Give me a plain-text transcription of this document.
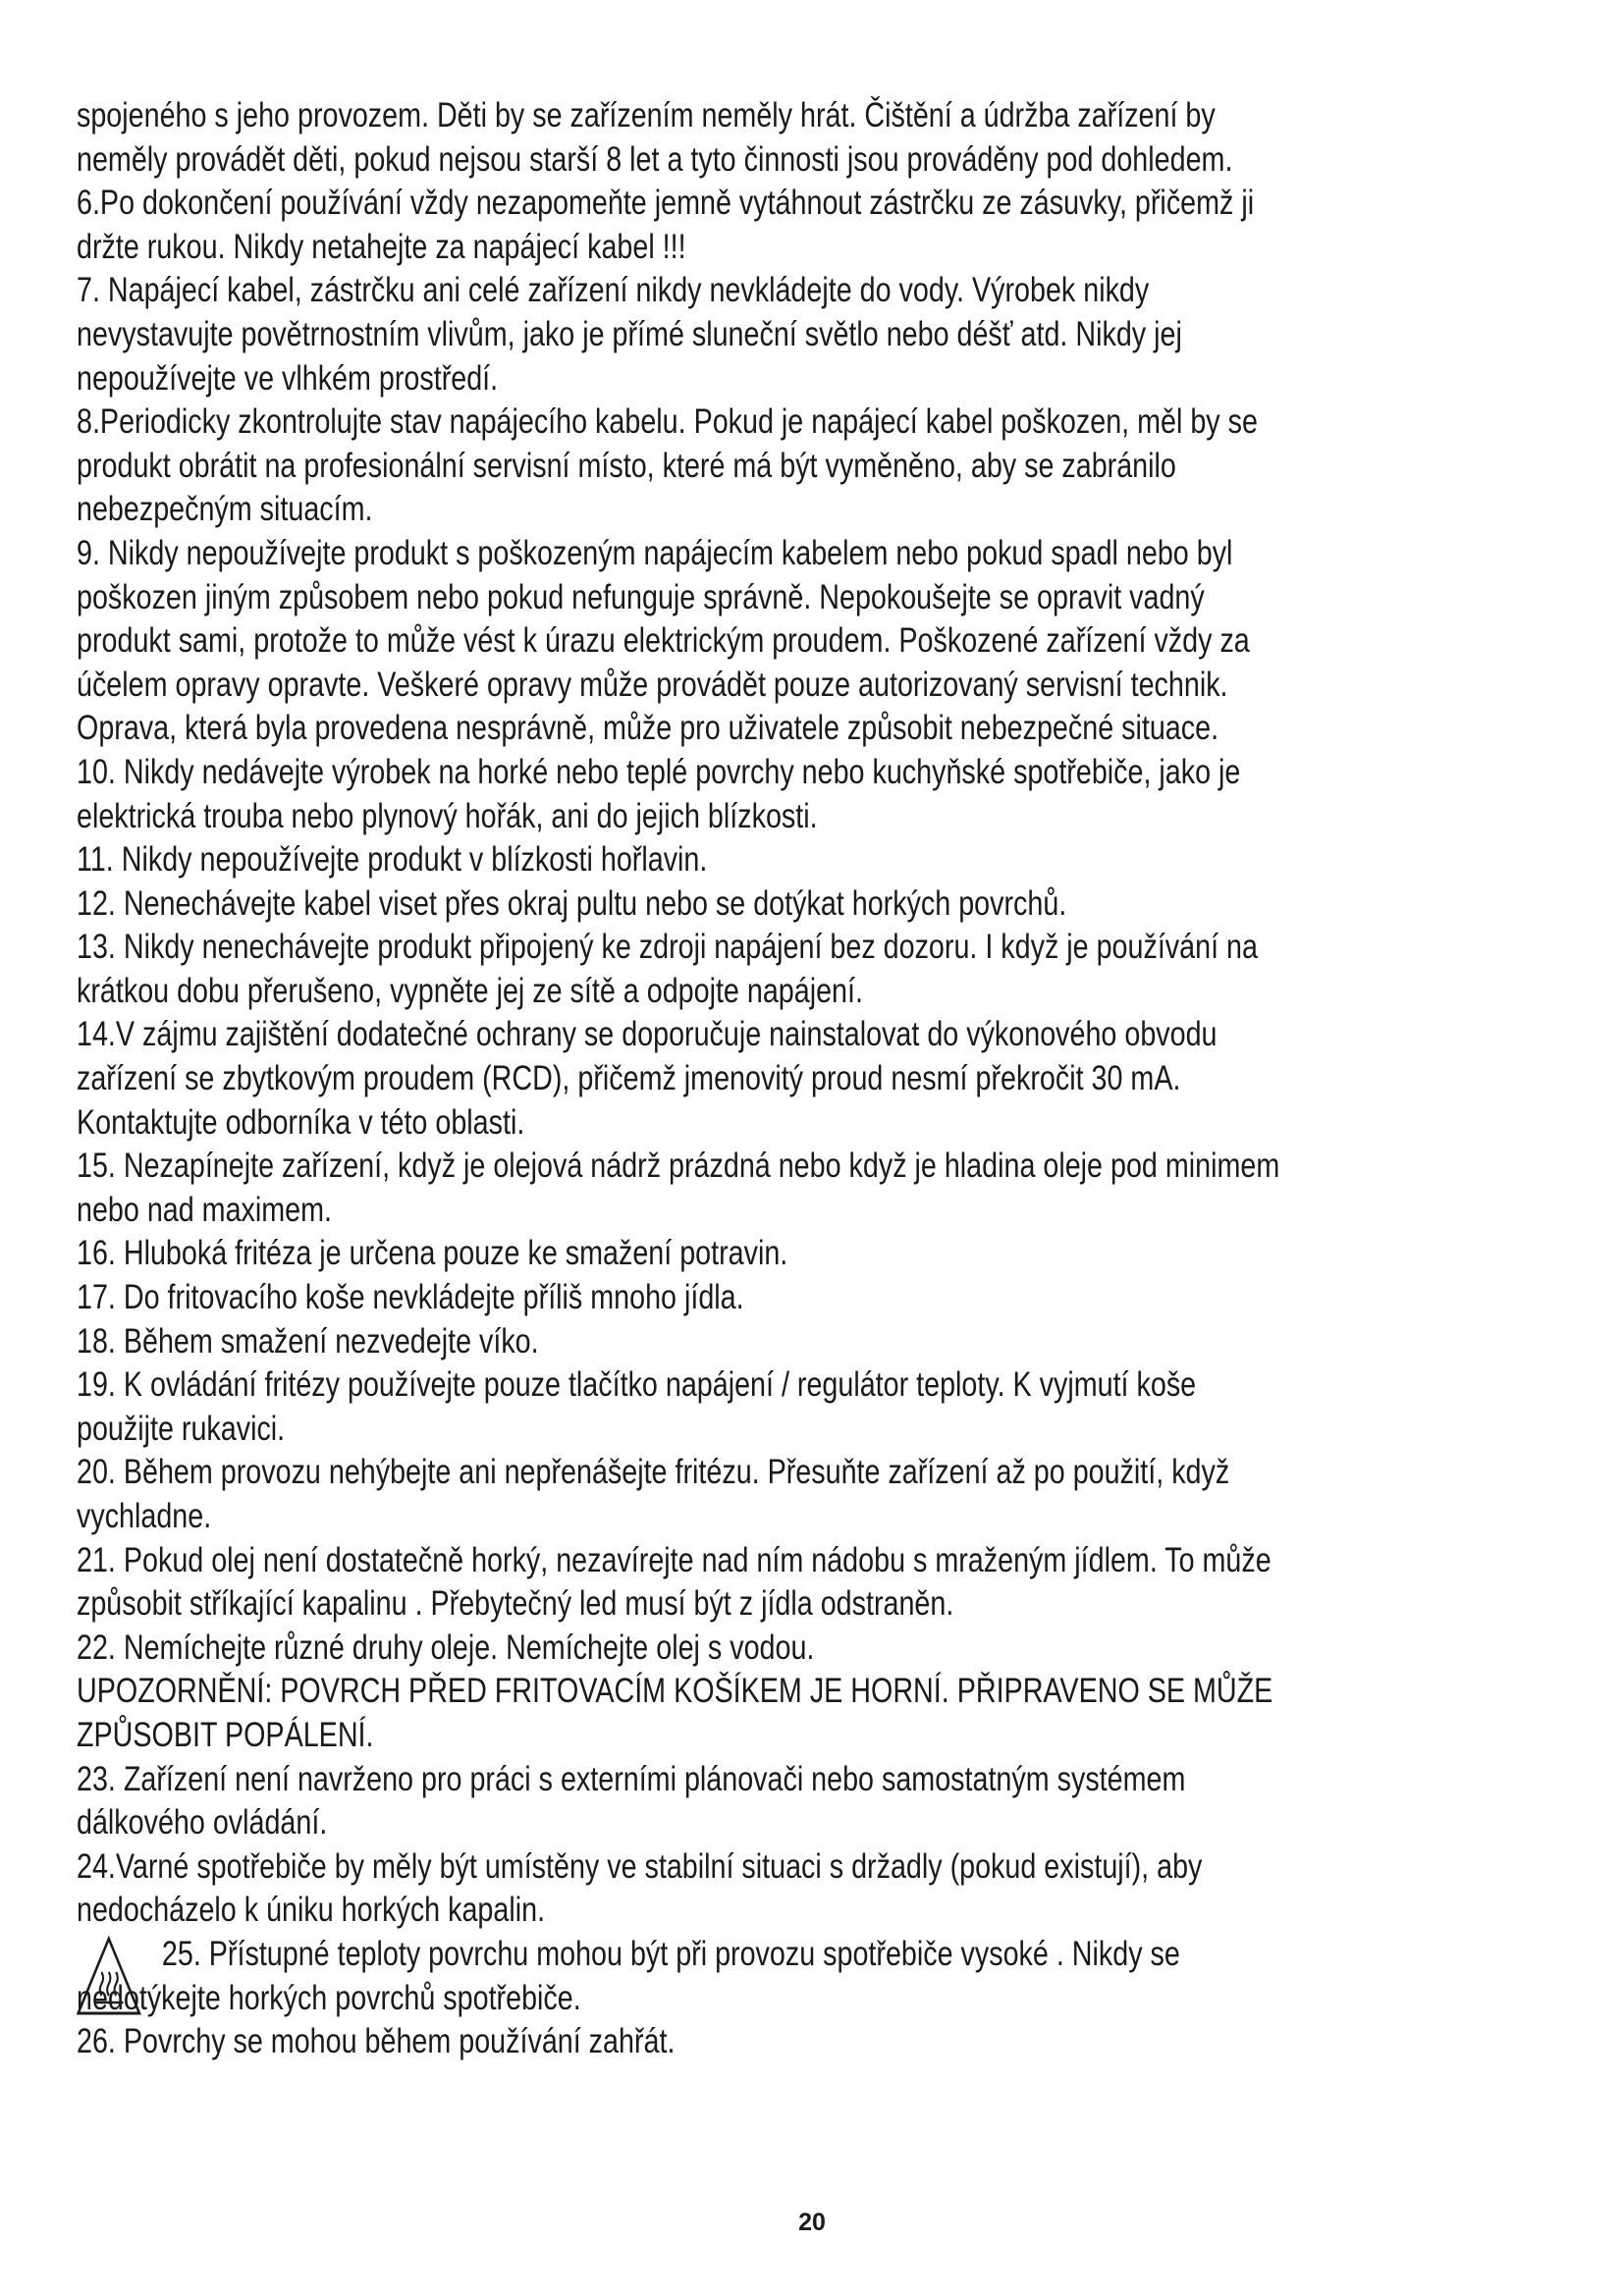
spojeného s jeho provozem. Děti by se zařízením neměly hrát. Čištění a údržba zařízení by neměly provádět děti, pokud nejsou starší 8 let a tyto činnosti jsou prováděny pod dohledem.

6.Po dokončení používání vždy nezapomeňte jemně vytáhnout zástrčku ze zásuvky, přičemž ji držte rukou. Nikdy netahejte za napájecí kabel !!!

7. Napájecí kabel, zástrčku ani celé zařízení nikdy nevkládejte do vody. Výrobek nikdy nevystavujte povětrnostním vlivům, jako je přímé sluneční světlo nebo déšť atd. Nikdy jej nepoužívejte ve vlhkém prostředí.

8.Periodicky zkontrolujte stav napájecího kabelu. Pokud je napájecí kabel poškozen, měl by se produkt obrátit na profesionální servisní místo, které má být vyměněno, aby se zabránilo nebezpečným situacím.

9. Nikdy nepoužívejte produkt s poškozeným napájecím kabelem nebo pokud spadl nebo byl poškozen jiným způsobem nebo pokud nefunguje správně. Nepokoušejte se opravit vadný produkt sami, protože to může vést k úrazu elektrickým proudem. Poškozené zařízení vždy za účelem opravy opravte. Veškeré opravy může provádět pouze autorizovaný servisní technik. Oprava, která byla provedena nesprávně, může pro uživatele způsobit nebezpečné situace.

10. Nikdy nedávejte výrobek na horké nebo teplé povrchy nebo kuchyňské spotřebiče, jako je elektrická trouba nebo plynový hořák, ani do jejich blízkosti.

11. Nikdy nepoužívejte produkt v blízkosti hořlavin.

12. Nenechávejte kabel viset přes okraj pultu nebo se dotýkat horkých povrchů.

13. Nikdy nenechávejte produkt připojený ke zdroji napájení bez dozoru. I když je používání na krátkou dobu přerušeno, vypněte jej ze sítě a odpojte napájení.

14.V zájmu zajištění dodatečné ochrany se doporučuje nainstalovat do výkonového obvodu zařízení se zbytkovým proudem (RCD), přičemž jmenovitý proud nesmí překročit 30 mA. Kontaktujte odborníka v této oblasti.

15. Nezapínejte zařízení, když je olejová nádrž prázdná nebo když je hladina oleje pod minimem nebo nad maximem.

16. Hluboká fritéza je určena pouze ke smažení potravin.

17. Do fritovacího koše nevkládejte příliš mnoho jídla.

18. Během smažení nezvedejte víko.

19. K ovládání fritézy používejte pouze tlačítko napájení / regulátor teploty. K vyjmutí koše použijte rukavici.

20. Během provozu nehýbejte ani nepřenášejte fritézu. Přesuňte zařízení až po použití, když vychladne.

21. Pokud olej není dostatečně horký, nezavírejte nad ním nádobu s mraženým jídlem. To může způsobit stříkající kapalinu . Přebytečný led musí být z jídla odstraněn.

22. Nemíchejte různé druhy oleje. Nemíchejte olej s vodou.

UPOZORNĚNÍ: POVRCH PŘED FRITOVACÍM KOŠÍKEM JE HORNÍ. PŘIPRAVENO SE MŮŽE ZPŮSOBIT POPÁLENÍ.

23. Zařízení není navrženo pro práci s externími plánovači nebo samostatným systémem dálkového ovládání.

24.Varné spotřebiče by měly být umístěny ve stabilní situaci s držadly (pokud existují), aby nedocházelo k úniku horkých kapalin.

25. Přístupné teploty povrchu mohou být při provozu spotřebiče vysoké . Nikdy se
nedotýkejte horkých povrchů spotřebiče.

26. Povrchy se mohou během používání zahřát.

20
